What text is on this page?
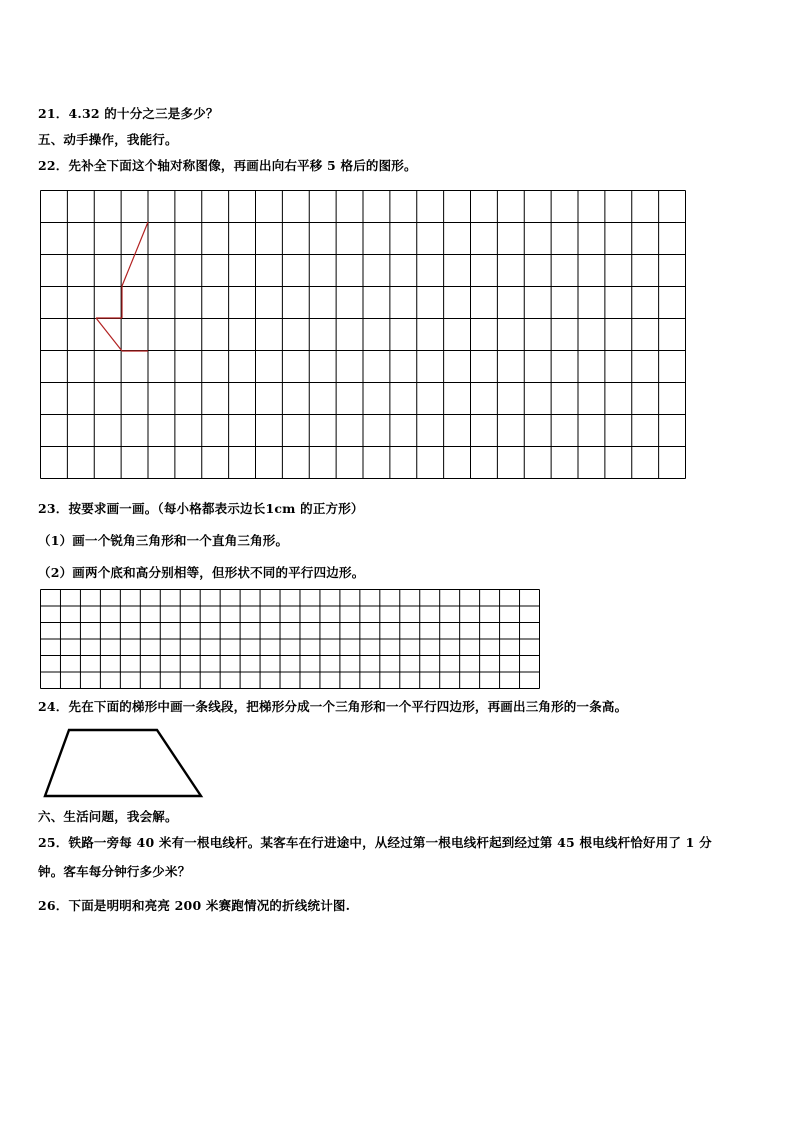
21．4.32 的十分之三是多少？
五、动手操作，我能行。
22．先补全下面这个轴对称图像，再画出向右平移 5 格后的图形。
23．按要求画一画。（每小格都表示边长1cm 的正方形）
（1）画一个锐角三角形和一个直角三角形。
（2）画两个底和高分别相等，但形状不同的平行四边形。
24．先在下面的梯形中画一条线段，把梯形分成一个三角形和一个平行四边形，再画出三角形的一条高。
六、生活问题，我会解。
25．铁路一旁每 40 米有一根电线杆。某客车在行进途中，从经过第一根电线杆起到经过第 45 根电线杆恰好用了 1 分
钟。客车每分钟行多少米？
26．下面是明明和亮亮 200 米赛跑情况的折线统计图.
